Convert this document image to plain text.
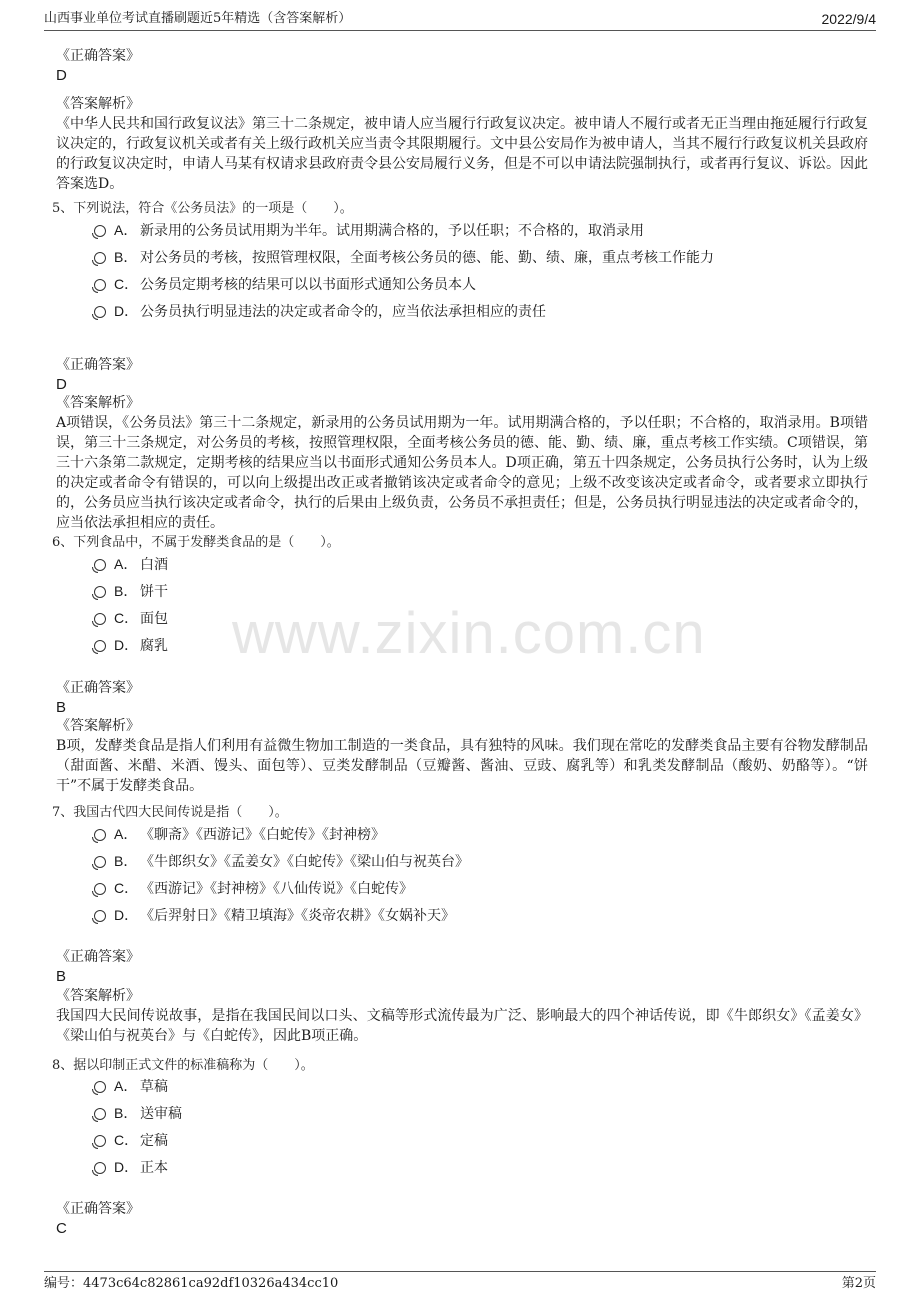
山西事业单位考试直播刷题近5年精选（含答案解析）	2022/9/4
www.zixin.com.cn
《正确答案》
D
《答案解析》
《中华人民共和国行政复议法》第三十二条规定，被申请人应当履行行政复议决定。被申请人不履行或者无正当理由拖延履行行政复议决定的，行政复议机关或者有关上级行政机关应当责令其限期履行。文中县公安局作为被申请人，当其不履行行政复议机关县政府的行政复议决定时，申请人马某有权请求县政府责令县公安局履行义务，但是不可以申请法院强制执行，或者再行复议、诉讼。因此答案选D。
5、下列说法，符合《公务员法》的一项是（　　）。
A． 新录用的公务员试用期为半年。试用期满合格的，予以任职；不合格的，取消录用
B． 对公务员的考核，按照管理权限，全面考核公务员的德、能、勤、绩、廉，重点考核工作能力
C． 公务员定期考核的结果可以以书面形式通知公务员本人
D． 公务员执行明显违法的决定或者命令的，应当依法承担相应的责任
《正确答案》
D
《答案解析》
A项错误，《公务员法》第三十二条规定，新录用的公务员试用期为一年。试用期满合格的，予以任职；不合格的，取消录用。B项错误，第三十三条规定，对公务员的考核，按照管理权限，全面考核公务员的德、能、勤、绩、廉，重点考核工作实绩。C项错误，第三十六条第二款规定，定期考核的结果应当以书面形式通知公务员本人。D项正确，第五十四条规定，公务员执行公务时，认为上级的决定或者命令有错误的，可以向上级提出改正或者撤销该决定或者命令的意见；上级不改变该决定或者命令，或者要求立即执行的，公务员应当执行该决定或者命令，执行的后果由上级负责，公务员不承担责任；但是，公务员执行明显违法的决定或者命令的，应当依法承担相应的责任。
6、下列食品中，不属于发酵类食品的是（　　）。
A． 白酒
B． 饼干
C． 面包
D． 腐乳
《正确答案》
B
《答案解析》
B项，发酵类食品是指人们利用有益微生物加工制造的一类食品，具有独特的风味。我们现在常吃的发酵类食品主要有谷物发酵制品（甜面酱、米醋、米酒、馒头、面包等）、豆类发酵制品（豆瓣酱、酱油、豆豉、腐乳等）和乳类发酵制品（酸奶、奶酪等）。“饼干”不属于发酵类食品。
7、我国古代四大民间传说是指（　　）。
A． 《聊斋》《西游记》《白蛇传》《封神榜》
B． 《牛郎织女》《孟姜女》《白蛇传》《梁山伯与祝英台》
C． 《西游记》《封神榜》《八仙传说》《白蛇传》
D． 《后羿射日》《精卫填海》《炎帝农耕》《女娲补天》
《正确答案》
B
《答案解析》
我国四大民间传说故事，是指在我国民间以口头、文稿等形式流传最为广泛、影响最大的四个神话传说，即《牛郎织女》《孟姜女》《梁山伯与祝英台》与《白蛇传》，因此B项正确。
8、据以印制正式文件的标准稿称为（　　）。
A． 草稿
B． 送审稿
C． 定稿
D． 正本
《正确答案》
C
编号：4473c64c82861ca92df10326a434cc10	第2页
